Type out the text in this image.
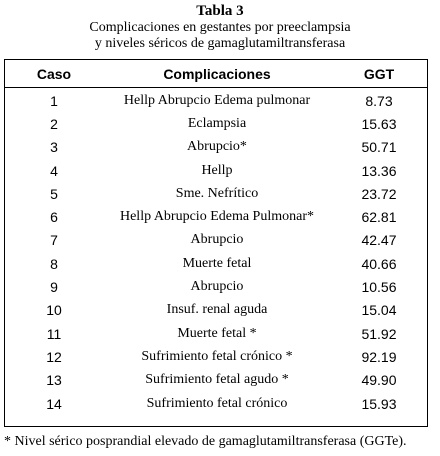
Tabla 3
Complicaciones en gestantes por preeclampsia
y niveles séricos de gamaglutamiltransferasa
Caso	Complicaciones	GGT
1	Hellp Abrupcio Edema pulmonar	8.73
2	Eclampsia	15.63
3	Abrupcio*	50.71
4	Hellp	13.36
5	Sme. Nefrítico	23.72
6	Hellp Abrupcio Edema Pulmonar*	62.81
7	Abrupcio	42.47
8	Muerte fetal	40.66
9	Abrupcio	10.56
10	Insuf. renal aguda	15.04
11	Muerte fetal *	51.92
12	Sufrimiento fetal crónico *	92.19
13	Sufrimiento fetal agudo *	49.90
14	Sufrimiento fetal crónico	15.93
* Nivel sérico posprandial elevado de gamaglutamiltransferasa (GGTe).
